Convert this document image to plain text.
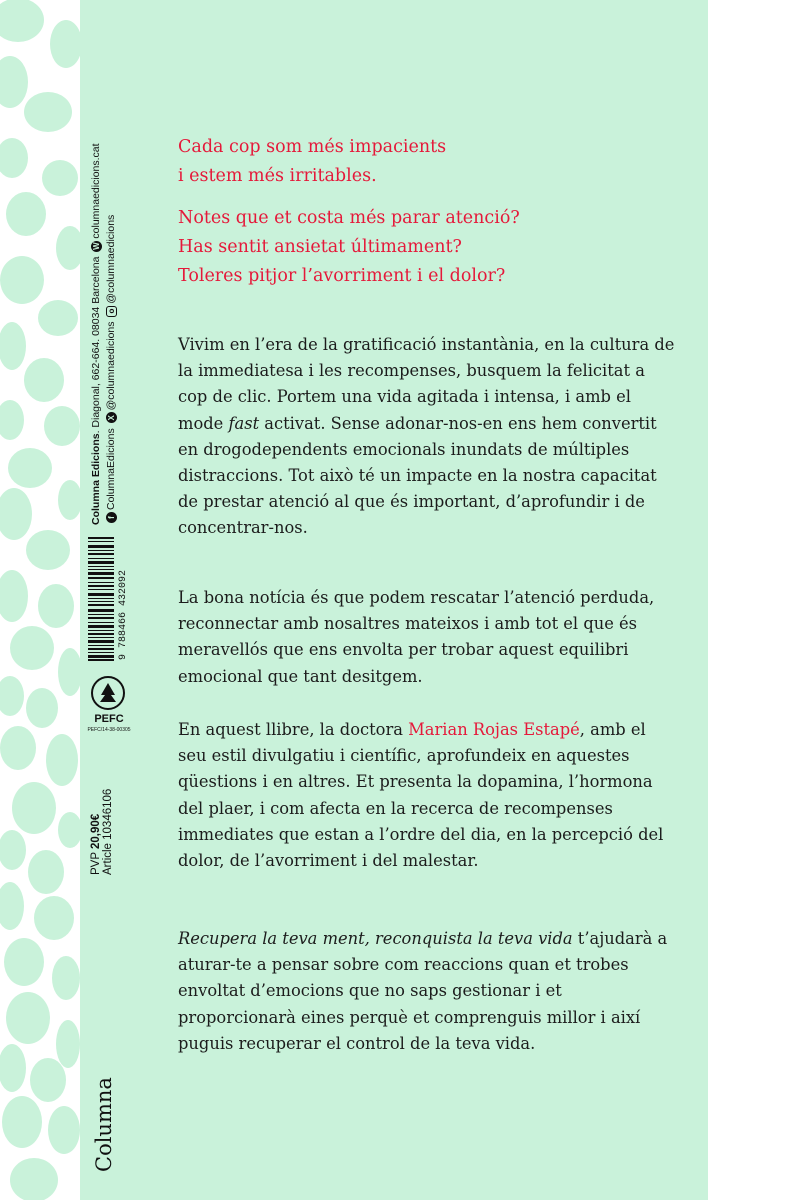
Columna Edicions. Diagonal, 662-664. 08034 Barcelona Wcolumnaedicions.cat
fColumnaEdicions X@columnaedicions o@columnaedicions
9 788466 432092
PEFC
PEFC/14-38-00305
PVP 20,90€ Article 10346106
Columna
Cada cop som més impacients
i estem més irritables.
Notes que et costa més parar atenció?
Has sentit ansietat últimament?
Toleres pitjor l’avorriment i el dolor?

Vivim en l’era de la gratificació instantània, en la cultura de la immediatesa i les recompenses, busquem la felicitat a cop de clic. Portem una vida agitada i intensa, i amb el mode fast activat. Sense adonar-nos-en ens hem convertit en drogodependents emocionals inundats de múltiples distraccions. Tot això té un impacte en la nostra capacitat de prestar atenció al que és important, d’aprofundir i de concentrar-nos.

La bona notícia és que podem rescatar l’atenció perduda, reconnectar amb nosaltres mateixos i amb tot el que és meravellós que ens envolta per trobar aquest equilibri emocional que tant desitgem.

En aquest llibre, la doctora Marian Rojas Estapé, amb el seu estil divulgatiu i científic, aprofundeix en aquestes qüestions i en altres. Et presenta la dopamina, l’hormona del plaer, i com afecta en la recerca de recompenses immediates que estan a l’ordre del dia, en la percepció del dolor, de l’avorriment i del malestar.

Recupera la teva ment, reconquista la teva vida t’ajudarà a aturar-te a pensar sobre com reaccions quan et trobes envoltat d’emocions que no saps gestionar i et proporcionarà eines perquè et comprenguis millor i així puguis recuperar el control de la teva vida.
